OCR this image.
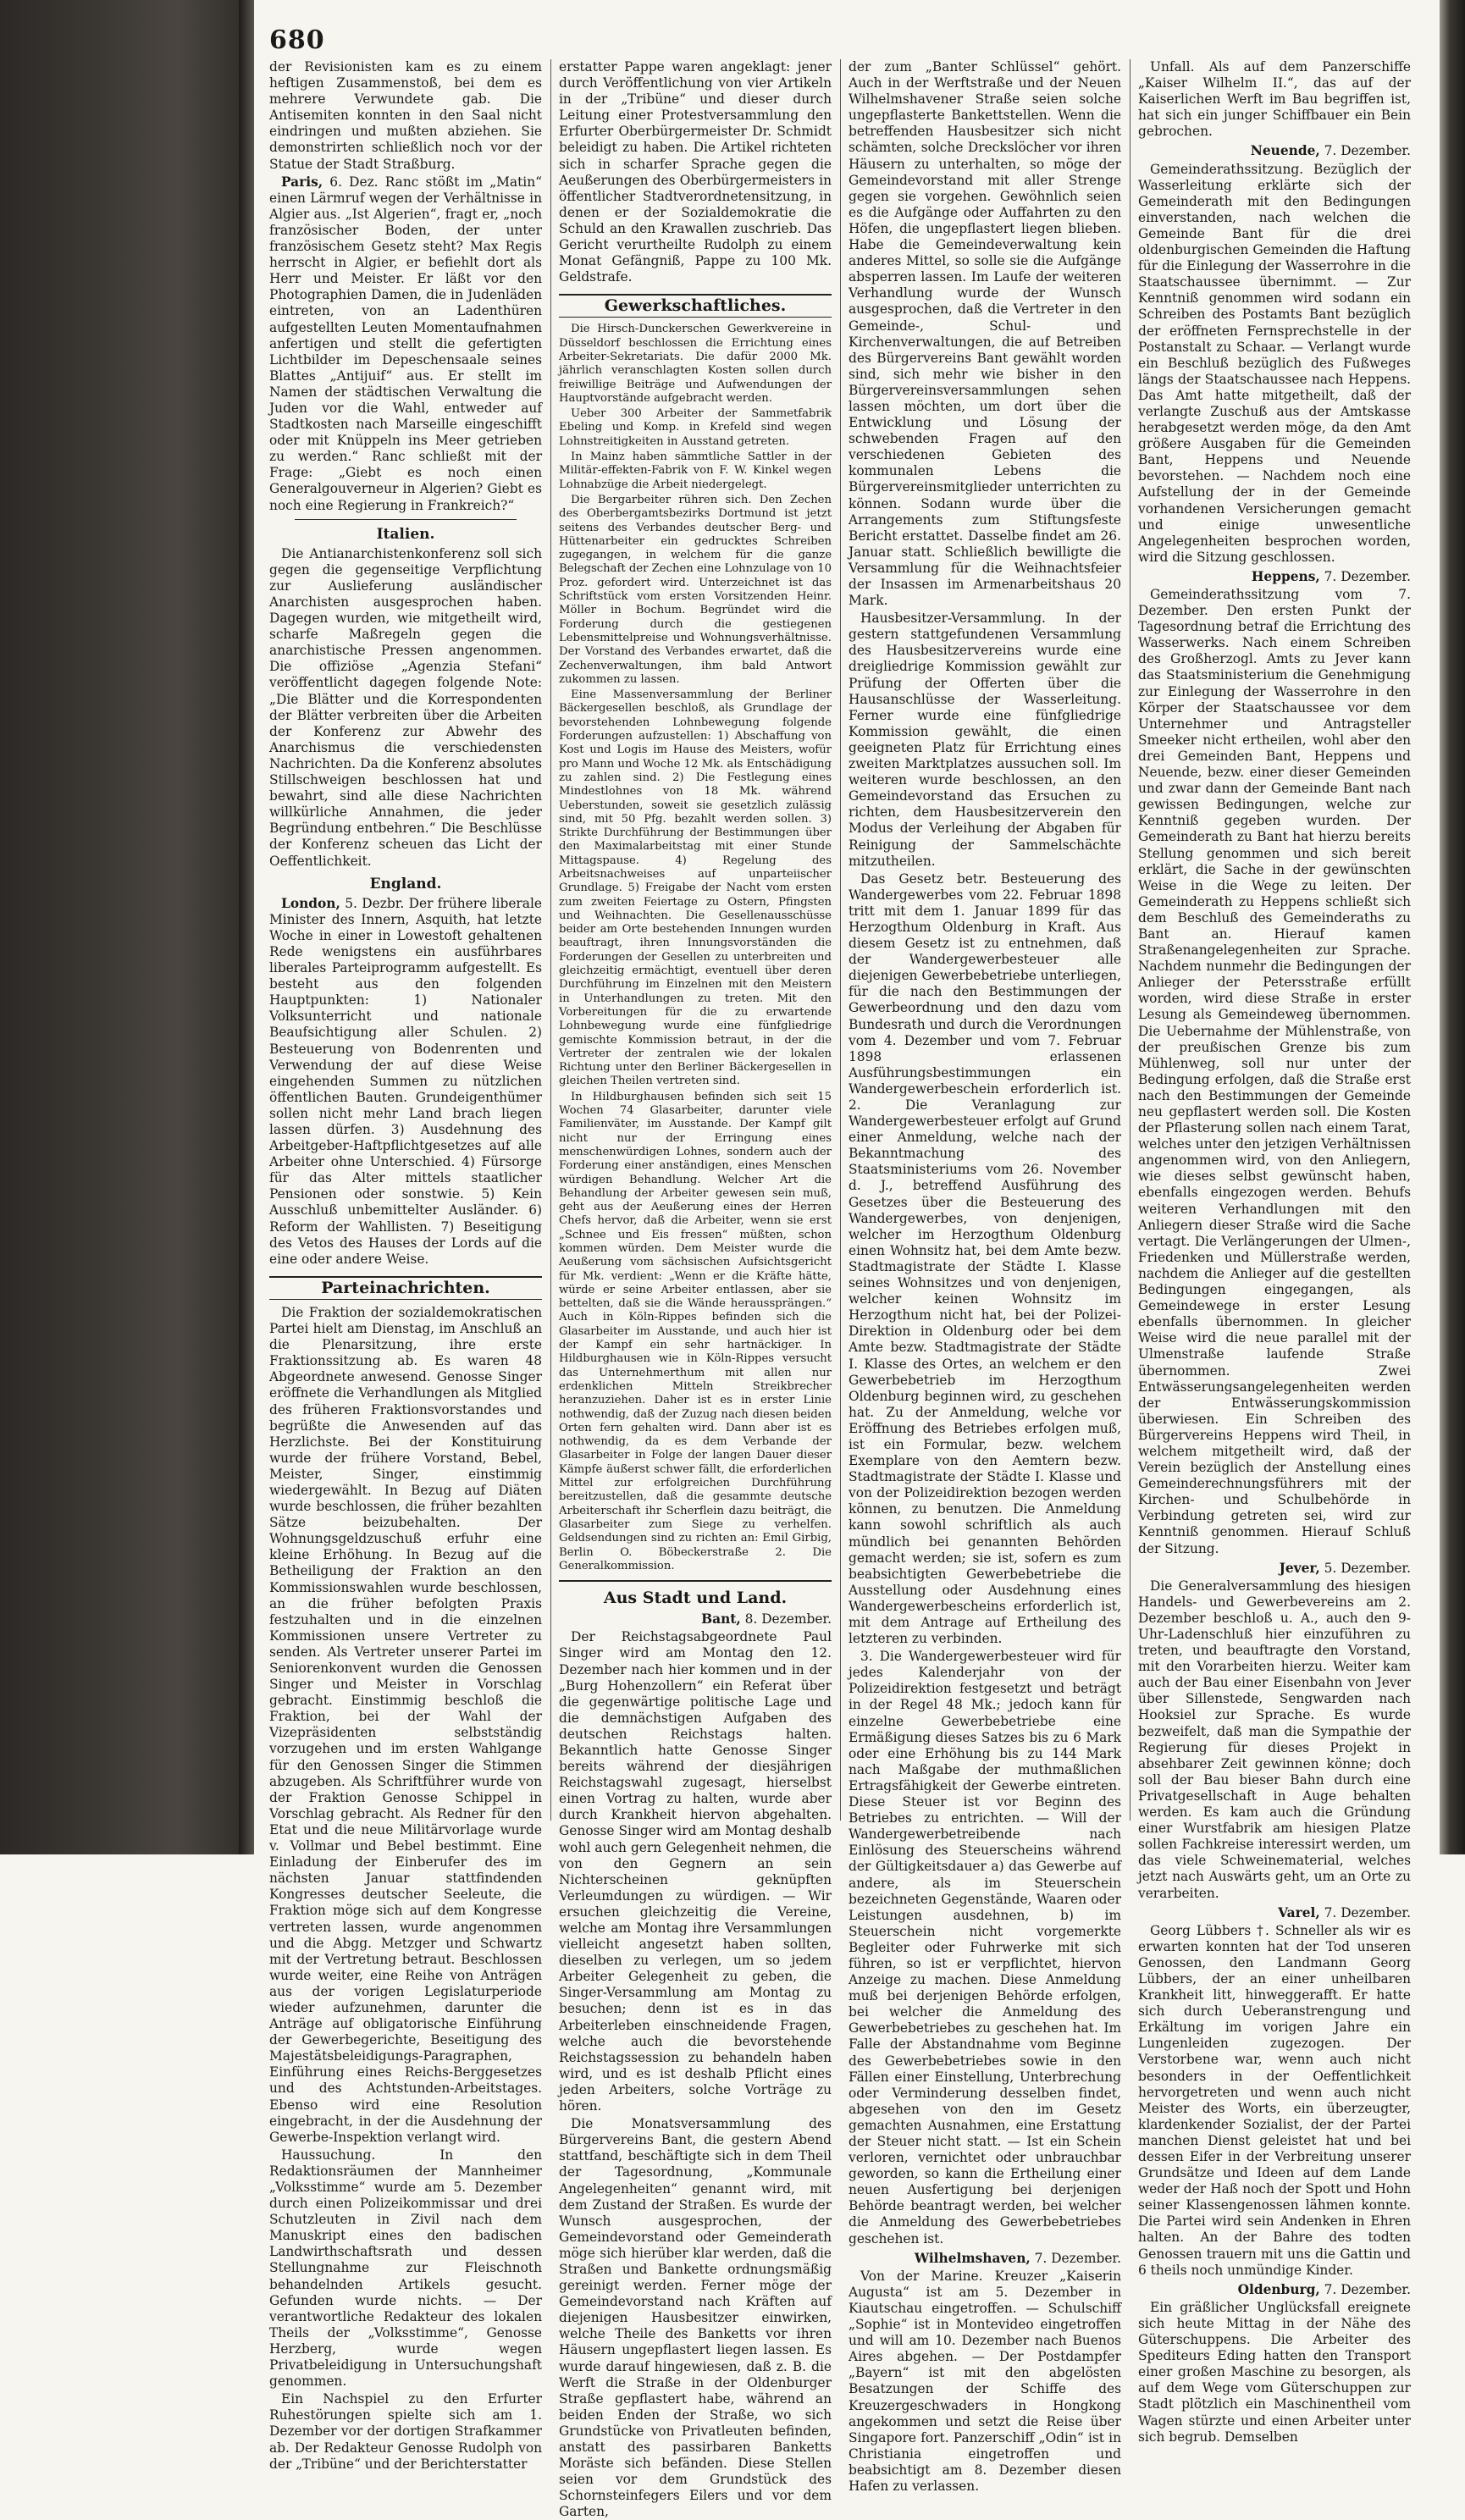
680

der Revisionisten kam es zu einem heftigen Zusammenstoß, bei dem es mehrere Verwundete gab. Die Antisemiten konnten in den Saal nicht eindringen und mußten abziehen. Sie demonstrirten schließlich noch vor der Statue der Stadt Straßburg.

Paris, 6. Dez. Ranc stößt im „Matin“ einen Lärmruf wegen der Verhältnisse in Algier aus. „Ist Algerien“, fragt er, „noch französischer Boden, der unter französischem Gesetz steht? Max Regis herrscht in Algier, er befiehlt dort als Herr und Meister. Er läßt vor den Photographien Damen, die in Judenläden eintreten, von an Ladenthüren aufgestellten Leuten Momentaufnahmen anfertigen und stellt die gefertigten Lichtbilder im Depeschensaale seines Blattes „Antijuif“ aus. Er stellt im Namen der städtischen Verwaltung die Juden vor die Wahl, entweder auf Stadtkosten nach Marseille eingeschifft oder mit Knüppeln ins Meer getrieben zu werden.“ Ranc schließt mit der Frage: „Giebt es noch einen Generalgouverneur in Algerien? Giebt es noch eine Regierung in Frankreich?“

Italien.

Die Antianarchistenkonferenz soll sich gegen die gegenseitige Verpflichtung zur Auslieferung ausländischer Anarchisten ausgesprochen haben. Dagegen wurden, wie mitgetheilt wird, scharfe Maßregeln gegen die anarchistische Pressen angenommen. Die offiziöse „Agenzia Stefani“ veröffentlicht dagegen folgende Note: „Die Blätter und die Korrespondenten der Blätter verbreiten über die Arbeiten der Konferenz zur Abwehr des Anarchismus die verschiedensten Nachrichten. Da die Konferenz absolutes Stillschweigen beschlossen hat und bewahrt, sind alle diese Nachrichten willkürliche Annahmen, die jeder Begründung entbehren.“ Die Beschlüsse der Konferenz scheuen das Licht der Oeffentlichkeit.

England.

London, 5. Dezbr. Der frühere liberale Minister des Innern, Asquith, hat letzte Woche in einer in Lowestoft gehaltenen Rede wenigstens ein ausführbares liberales Parteiprogramm aufgestellt. Es besteht aus den folgenden Hauptpunkten: 1) Nationaler Volksunterricht und nationale Beaufsichtigung aller Schulen. 2) Besteuerung von Bodenrenten und Verwendung der auf diese Weise eingehenden Summen zu nützlichen öffentlichen Bauten. Grundeigenthümer sollen nicht mehr Land brach liegen lassen dürfen. 3) Ausdehnung des Arbeitgeber-Haftpflichtgesetzes auf alle Arbeiter ohne Unterschied. 4) Fürsorge für das Alter mittels staatlicher Pensionen oder sonstwie. 5) Kein Ausschluß unbemittelter Ausländer. 6) Reform der Wahllisten. 7) Beseitigung des Vetos des Hauses der Lords auf die eine oder andere Weise.

Parteinachrichten.

Die Fraktion der sozialdemokratischen Partei hielt am Dienstag, im Anschluß an die Plenarsitzung, ihre erste Fraktionssitzung ab. Es waren 48 Abgeordnete anwesend. Genosse Singer eröffnete die Verhandlungen als Mitglied des früheren Fraktionsvorstandes und begrüßte die Anwesenden auf das Herzlichste. Bei der Konstituirung wurde der frühere Vorstand, Bebel, Meister, Singer, einstimmig wiedergewählt. In Bezug auf Diäten wurde beschlossen, die früher bezahlten Sätze beizubehalten. Der Wohnungsgeldzuschuß erfuhr eine kleine Erhöhung. In Bezug auf die Betheiligung der Fraktion an den Kommissionswahlen wurde beschlossen, an die früher befolgten Praxis festzuhalten und in die einzelnen Kommissionen unsere Vertreter zu senden. Als Vertreter unserer Partei im Seniorenkonvent wurden die Genossen Singer und Meister in Vorschlag gebracht. Einstimmig beschloß die Fraktion, bei der Wahl der Vizepräsidenten selbstständig vorzugehen und im ersten Wahlgange für den Genossen Singer die Stimmen abzugeben. Als Schriftführer wurde von der Fraktion Genosse Schippel in Vorschlag gebracht. Als Redner für den Etat und die neue Militärvorlage wurde v. Vollmar und Bebel bestimmt. Eine Einladung der Einberufer des im nächsten Januar stattfindenden Kongresses deutscher Seeleute, die Fraktion möge sich auf dem Kongresse vertreten lassen, wurde angenommen und die Abgg. Metzger und Schwartz mit der Vertretung betraut. Beschlossen wurde weiter, eine Reihe von Anträgen aus der vorigen Legislaturperiode wieder aufzunehmen, darunter die Anträge auf obligatorische Einführung der Gewerbegerichte, Beseitigung des Majestätsbeleidigungs-Paragraphen, Einführung eines Reichs-Berggesetzes und des Achtstunden-Arbeitstages. Ebenso wird eine Resolution eingebracht, in der die Ausdehnung der Gewerbe-Inspektion verlangt wird.

Haussuchung. In den Redaktionsräumen der Mannheimer „Volksstimme“ wurde am 5. Dezember durch einen Polizeikommissar und drei Schutzleuten in Zivil nach dem Manuskript eines den badischen Landwirthschaftsrath und dessen Stellungnahme zur Fleischnoth behandelnden Artikels gesucht. Gefunden wurde nichts. — Der verantwortliche Redakteur des lokalen Theils der „Volksstimme“, Genosse Herzberg, wurde wegen Privatbeleidigung in Untersuchungshaft genommen.

Ein Nachspiel zu den Erfurter Ruhestörungen spielte sich am 1. Dezember vor der dortigen Strafkammer ab. Der Redakteur Genosse Rudolph von der „Tribüne“ und der Berichterstatter

erstatter Pappe waren angeklagt: jener durch Veröffentlichung von vier Artikeln in der „Tribüne“ und dieser durch Leitung einer Protestversammlung den Erfurter Oberbürgermeister Dr. Schmidt beleidigt zu haben. Die Artikel richteten sich in scharfer Sprache gegen die Aeußerungen des Oberbürgermeisters in öffentlicher Stadtverordnetensitzung, in denen er der Sozialdemokratie die Schuld an den Krawallen zuschrieb. Das Gericht verurtheilte Rudolph zu einem Monat Gefängniß, Pappe zu 100 Mk. Geldstrafe.

Gewerkschaftliches.

Die Hirsch-Dunckerschen Gewerkvereine in Düsseldorf beschlossen die Errichtung eines Arbeiter-Sekretariats. Die dafür 2000 Mk. jährlich veranschlagten Kosten sollen durch freiwillige Beiträge und Aufwendungen der Hauptvorstände aufgebracht werden.

Ueber 300 Arbeiter der Sammetfabrik Ebeling und Komp. in Krefeld sind wegen Lohnstreitigkeiten in Ausstand getreten.

In Mainz haben sämmtliche Sattler in der Militär-effekten-Fabrik von F. W. Kinkel wegen Lohnabzüge die Arbeit niedergelegt.

Die Bergarbeiter rühren sich. Den Zechen des Oberbergamtsbezirks Dortmund ist jetzt seitens des Verbandes deutscher Berg- und Hüttenarbeiter ein gedrucktes Schreiben zugegangen, in welchem für die ganze Belegschaft der Zechen eine Lohnzulage von 10 Proz. gefordert wird. Unterzeichnet ist das Schriftstück vom ersten Vorsitzenden Heinr. Möller in Bochum. Begründet wird die Forderung durch die gestiegenen Lebensmittelpreise und Wohnungsverhältnisse. Der Vorstand des Verbandes erwartet, daß die Zechenverwaltungen, ihm bald Antwort zukommen zu lassen.

Eine Massenversammlung der Berliner Bäckergesellen beschloß, als Grundlage der bevorstehenden Lohnbewegung folgende Forderungen aufzustellen: 1) Abschaffung von Kost und Logis im Hause des Meisters, wofür pro Mann und Woche 12 Mk. als Entschädigung zu zahlen sind. 2) Die Festlegung eines Mindestlohnes von 18 Mk. während Ueberstunden, soweit sie gesetzlich zulässig sind, mit 50 Pfg. bezahlt werden sollen. 3) Strikte Durchführung der Bestimmungen über den Maximalarbeitstag mit einer Stunde Mittagspause. 4) Regelung des Arbeitsnachweises auf unparteiischer Grundlage. 5) Freigabe der Nacht vom ersten zum zweiten Feiertage zu Ostern, Pfingsten und Weihnachten. Die Gesellenausschüsse beider am Orte bestehenden Innungen wurden beauftragt, ihren Innungsvorständen die Forderungen der Gesellen zu unterbreiten und gleichzeitig ermächtigt, eventuell über deren Durchführung im Einzelnen mit den Meistern in Unterhandlungen zu treten. Mit den Vorbereitungen für die zu erwartende Lohnbewegung wurde eine fünfgliedrige gemischte Kommission betraut, in der die Vertreter der zentralen wie der lokalen Richtung unter den Berliner Bäckergesellen in gleichen Theilen vertreten sind.

In Hildburghausen befinden sich seit 15 Wochen 74 Glasarbeiter, darunter viele Familienväter, im Ausstande. Der Kampf gilt nicht nur der Erringung eines menschenwürdigen Lohnes, sondern auch der Forderung einer anständigen, eines Menschen würdigen Behandlung. Welcher Art die Behandlung der Arbeiter gewesen sein muß, geht aus der Aeußerung eines der Herren Chefs hervor, daß die Arbeiter, wenn sie erst „Schnee und Eis fressen“ müßten, schon kommen würden. Dem Meister wurde die Aeußerung vom sächsischen Aufsichtsgericht für Mk. verdient: „Wenn er die Kräfte hätte, würde er seine Arbeiter entlassen, aber sie bettelten, daß sie die Wände heraussprängen.“ Auch in Köln-Rippes befinden sich die Glasarbeiter im Ausstande, und auch hier ist der Kampf ein sehr hartnäckiger. In Hildburghausen wie in Köln-Rippes versucht das Unternehmerthum mit allen nur erdenklichen Mitteln Streikbrecher heranzuziehen. Daher ist es in erster Linie nothwendig, daß der Zuzug nach diesen beiden Orten fern gehalten wird. Dann aber ist es nothwendig, da es dem Verbande der Glasarbeiter in Folge der langen Dauer dieser Kämpfe äußerst schwer fällt, die erforderlichen Mittel zur erfolgreichen Durchführung bereitzustellen, daß die gesammte deutsche Arbeiterschaft ihr Scherflein dazu beiträgt, die Glasarbeiter zum Siege zu verhelfen. Geldsendungen sind zu richten an: Emil Girbig, Berlin O. Böbeckerstraße 2. Die Generalkommission.

Aus Stadt und Land.
Bant, 8. Dezember.

Der Reichstagsabgeordnete Paul Singer wird am Montag den 12. Dezember nach hier kommen und in der „Burg Hohenzollern“ ein Referat über die gegenwärtige politische Lage und die demnächstigen Aufgaben des deutschen Reichstags halten. Bekanntlich hatte Genosse Singer bereits während der diesjährigen Reichstagswahl zugesagt, hierselbst einen Vortrag zu halten, wurde aber durch Krankheit hiervon abgehalten. Genosse Singer wird am Montag deshalb wohl auch gern Gelegenheit nehmen, die von den Gegnern an sein Nichterscheinen geknüpften Verleumdungen zu würdigen. — Wir ersuchen gleichzeitig die Vereine, welche am Montag ihre Versammlungen vielleicht angesetzt haben sollten, dieselben zu verlegen, um so jedem Arbeiter Gelegenheit zu geben, die Singer-Versammlung am Montag zu besuchen; denn ist es in das Arbeiterleben einschneidende Fragen, welche auch die bevorstehende Reichstagssession zu behandeln haben wird, und es ist deshalb Pflicht eines jeden Arbeiters, solche Vorträge zu hören.

Die Monatsversammlung des Bürgervereins Bant, die gestern Abend stattfand, beschäftigte sich in dem Theil der Tagesordnung, „Kommunale Angelegenheiten“ genannt wird, mit dem Zustand der Straßen. Es wurde der Wunsch ausgesprochen, der Gemeindevorstand oder Gemeinderath möge sich hierüber klar werden, daß die Straßen und Bankette ordnungsmäßig gereinigt werden. Ferner möge der Gemeindevorstand nach Kräften auf diejenigen Hausbesitzer einwirken, welche Theile des Banketts vor ihren Häusern ungepflastert liegen lassen. Es wurde darauf hingewiesen, daß z. B. die Werft die Straße in der Oldenburger Straße gepflastert habe, während an beiden Enden der Straße, wo sich Grundstücke von Privatleuten befinden, anstatt des passirbaren Banketts Moräste sich befänden. Diese Stellen seien vor dem Grundstück des Schornsteinfegers Eilers und vor dem Garten,

der zum „Banter Schlüssel“ gehört. Auch in der Werftstraße und der Neuen Wilhelmshavener Straße seien solche ungepflasterte Bankettstellen. Wenn die betreffenden Hausbesitzer sich nicht schämten, solche Dreckslöcher vor ihren Häusern zu unterhalten, so möge der Gemeindevorstand mit aller Strenge gegen sie vorgehen. Gewöhnlich seien es die Aufgänge oder Auffahrten zu den Höfen, die ungepflastert liegen blieben. Habe die Gemeindeverwaltung kein anderes Mittel, so solle sie die Aufgänge absperren lassen. Im Laufe der weiteren Verhandlung wurde der Wunsch ausgesprochen, daß die Vertreter in den Gemeinde-, Schul- und Kirchenverwaltungen, die auf Betreiben des Bürgervereins Bant gewählt worden sind, sich mehr wie bisher in den Bürgervereinsversammlungen sehen lassen möchten, um dort über die Entwicklung und Lösung der schwebenden Fragen auf den verschiedenen Gebieten des kommunalen Lebens die Bürgervereinsmitglieder unterrichten zu können. Sodann wurde über die Arrangements zum Stiftungsfeste Bericht erstattet. Dasselbe findet am 26. Januar statt. Schließlich bewilligte die Versammlung für die Weihnachtsfeier der Insassen im Armenarbeitshaus 20 Mark.

Hausbesitzer-Versammlung. In der gestern stattgefundenen Versammlung des Hausbesitzervereins wurde eine dreigliedrige Kommission gewählt zur Prüfung der Offerten über die Hausanschlüsse der Wasserleitung. Ferner wurde eine fünfgliedrige Kommission gewählt, die einen geeigneten Platz für Errichtung eines zweiten Marktplatzes aussuchen soll. Im weiteren wurde beschlossen, an den Gemeindevorstand das Ersuchen zu richten, dem Hausbesitzerverein den Modus der Verleihung der Abgaben für Reinigung der Sammelschächte mitzutheilen.

Das Gesetz betr. Besteuerung des Wandergewerbes vom 22. Februar 1898 tritt mit dem 1. Januar 1899 für das Herzogthum Oldenburg in Kraft. Aus diesem Gesetz ist zu entnehmen, daß der Wandergewerbesteuer alle diejenigen Gewerbebetriebe unterliegen, für die nach den Bestimmungen der Gewerbeordnung und den dazu vom Bundesrath und durch die Verordnungen vom 4. Dezember und vom 7. Februar 1898 erlassenen Ausführungsbestimmungen ein Wandergewerbeschein erforderlich ist. 2. Die Veranlagung zur Wandergewerbesteuer erfolgt auf Grund einer Anmeldung, welche nach der Bekanntmachung des Staatsministeriums vom 26. November d. J., betreffend Ausführung des Gesetzes über die Besteuerung des Wandergewerbes, von denjenigen, welcher im Herzogthum Oldenburg einen Wohnsitz hat, bei dem Amte bezw. Stadtmagistrate der Städte I. Klasse seines Wohnsitzes und von denjenigen, welcher keinen Wohnsitz im Herzogthum nicht hat, bei der Polizei-Direktion in Oldenburg oder bei dem Amte bezw. Stadtmagistrate der Städte I. Klasse des Ortes, an welchem er den Gewerbebetrieb im Herzogthum Oldenburg beginnen wird, zu geschehen hat. Zu der Anmeldung, welche vor Eröffnung des Betriebes erfolgen muß, ist ein Formular, bezw. welchem Exemplare von den Aemtern bezw. Stadtmagistrate der Städte I. Klasse und von der Polizeidirektion bezogen werden können, zu benutzen. Die Anmeldung kann sowohl schriftlich als auch mündlich bei genannten Behörden gemacht werden; sie ist, sofern es zum beabsichtigten Gewerbebetriebe die Ausstellung oder Ausdehnung eines Wandergewerbescheins erforderlich ist, mit dem Antrage auf Ertheilung des letzteren zu verbinden.

3. Die Wandergewerbesteuer wird für jedes Kalenderjahr von der Polizeidirektion festgesetzt und beträgt in der Regel 48 Mk.; jedoch kann für einzelne Gewerbebetriebe eine Ermäßigung dieses Satzes bis zu 6 Mark oder eine Erhöhung bis zu 144 Mark nach Maßgabe der muthmaßlichen Ertragsfähigkeit der Gewerbe eintreten. Diese Steuer ist vor Beginn des Betriebes zu entrichten. — Will der Wandergewerbetreibende nach Einlösung des Steuerscheins während der Gültigkeitsdauer a) das Gewerbe auf andere, als im Steuerschein bezeichneten Gegenstände, Waaren oder Leistungen ausdehnen, b) im Steuerschein nicht vorgemerkte Begleiter oder Fuhrwerke mit sich führen, so ist er verpflichtet, hiervon Anzeige zu machen. Diese Anmeldung muß bei derjenigen Behörde erfolgen, bei welcher die Anmeldung des Gewerbebetriebes zu geschehen hat. Im Falle der Abstandnahme vom Beginne des Gewerbebetriebes sowie in den Fällen einer Einstellung, Unterbrechung oder Verminderung desselben findet, abgesehen von den im Gesetz gemachten Ausnahmen, eine Erstattung der Steuer nicht statt. — Ist ein Schein verloren, vernichtet oder unbrauchbar geworden, so kann die Ertheilung einer neuen Ausfertigung bei derjenigen Behörde beantragt werden, bei welcher die Anmeldung des Gewerbebetriebes geschehen ist.

Wilhelmshaven, 7. Dezember.

Von der Marine. Kreuzer „Kaiserin Augusta“ ist am 5. Dezember in Kiautschau eingetroffen. — Schulschiff „Sophie“ ist in Montevideo eingetroffen und will am 10. Dezember nach Buenos Aires abgehen. — Der Postdampfer „Bayern“ ist mit den abgelösten Besatzungen der Schiffe des Kreuzergeschwaders in Hongkong angekommen und setzt die Reise über Singapore fort. Panzerschiff „Odin“ ist in Christiania eingetroffen und beabsichtigt am 8. Dezember diesen Hafen zu verlassen.

Unfall. Als auf dem Panzerschiffe „Kaiser Wilhelm II.“, das auf der Kaiserlichen Werft im Bau begriffen ist, hat sich ein junger Schiffbauer ein Bein gebrochen.

Neuende, 7. Dezember.

Gemeinderathssitzung. Bezüglich der Wasserleitung erklärte sich der Gemeinderath mit den Bedingungen einverstanden, nach welchen die Gemeinde Bant für die drei oldenburgischen Gemeinden die Haftung für die Einlegung der Wasserrohre in die Staatschaussee übernimmt. — Zur Kenntniß genommen wird sodann ein Schreiben des Postamts Bant bezüglich der eröffneten Fernsprechstelle in der Postanstalt zu Schaar. — Verlangt wurde ein Beschluß bezüglich des Fußweges längs der Staatschaussee nach Heppens. Das Amt hatte mitgetheilt, daß der verlangte Zuschuß aus der Amtskasse herabgesetzt werden möge, da den Amt größere Ausgaben für die Gemeinden Bant, Heppens und Neuende bevorstehen. — Nachdem noch eine Aufstellung der in der Gemeinde vorhandenen Versicherungen gemacht und einige unwesentliche Angelegenheiten besprochen worden, wird die Sitzung geschlossen.

Heppens, 7. Dezember.

Gemeinderathssitzung vom 7. Dezember. Den ersten Punkt der Tagesordnung betraf die Errichtung des Wasserwerks. Nach einem Schreiben des Großherzogl. Amts zu Jever kann das Staatsministerium die Genehmigung zur Einlegung der Wasserrohre in den Körper der Staatschaussee vor dem Unternehmer und Antragsteller Smeeker nicht ertheilen, wohl aber den drei Gemeinden Bant, Heppens und Neuende, bezw. einer dieser Gemeinden und zwar dann der Gemeinde Bant nach gewissen Bedingungen, welche zur Kenntniß gegeben wurden. Der Gemeinderath zu Bant hat hierzu bereits Stellung genommen und sich bereit erklärt, die Sache in der gewünschten Weise in die Wege zu leiten. Der Gemeinderath zu Heppens schließt sich dem Beschluß des Gemeinderaths zu Bant an. Hierauf kamen Straßenangelegenheiten zur Sprache. Nachdem nunmehr die Bedingungen der Anlieger der Petersstraße erfüllt worden, wird diese Straße in erster Lesung als Gemeindeweg übernommen. Die Uebernahme der Mühlenstraße, von der preußischen Grenze bis zum Mühlenweg, soll nur unter der Bedingung erfolgen, daß die Straße erst nach den Bestimmungen der Gemeinde neu gepflastert werden soll. Die Kosten der Pflasterung sollen nach einem Tarat, welches unter den jetzigen Verhältnissen angenommen wird, von den Anliegern, wie dieses selbst gewünscht haben, ebenfalls eingezogen werden. Behufs weiteren Verhandlungen mit den Anliegern dieser Straße wird die Sache vertagt. Die Verlängerungen der Ulmen-, Friedenken und Müllerstraße werden, nachdem die Anlieger auf die gestellten Bedingungen eingegangen, als Gemeindewege in erster Lesung ebenfalls übernommen. In gleicher Weise wird die neue parallel mit der Ulmenstraße laufende Straße übernommen. Zwei Entwässerungsangelegenheiten werden der Entwässerungskommission überwiesen. Ein Schreiben des Bürgervereins Heppens wird Theil, in welchem mitgetheilt wird, daß der Verein bezüglich der Anstellung eines Gemeinderechnungsführers mit der Kirchen- und Schulbehörde in Verbindung getreten sei, wird zur Kenntniß genommen. Hierauf Schluß der Sitzung.

Jever, 5. Dezember.

Die Generalversammlung des hiesigen Handels- und Gewerbevereins am 2. Dezember beschloß u. A., auch den 9-Uhr-Ladenschluß hier einzuführen zu treten, und beauftragte den Vorstand, mit den Vorarbeiten hierzu. Weiter kam auch der Bau einer Eisenbahn von Jever über Sillenstede, Sengwarden nach Hooksiel zur Sprache. Es wurde bezweifelt, daß man die Sympathie der Regierung für dieses Projekt in absehbarer Zeit gewinnen könne; doch soll der Bau bieser Bahn durch eine Privatgesellschaft in Auge behalten werden. Es kam auch die Gründung einer Wurstfabrik am hiesigen Platze sollen Fachkreise interessirt werden, um das viele Schweinematerial, welches jetzt nach Auswärts geht, um an Orte zu verarbeiten.

Varel, 7. Dezember.

Georg Lübbers †. Schneller als wir es erwarten konnten hat der Tod unseren Genossen, den Landmann Georg Lübbers, der an einer unheilbaren Krankheit litt, hinweggerafft. Er hatte sich durch Ueberanstrengung und Erkältung im vorigen Jahre ein Lungenleiden zugezogen. Der Verstorbene war, wenn auch nicht besonders in der Oeffentlichkeit hervorgetreten und wenn auch nicht Meister des Worts, ein überzeugter, klardenkender Sozialist, der der Partei manchen Dienst geleistet hat und bei dessen Eifer in der Verbreitung unserer Grundsätze und Ideen auf dem Lande weder der Haß noch der Spott und Hohn seiner Klassengenossen lähmen konnte. Die Partei wird sein Andenken in Ehren halten. An der Bahre des todten Genossen trauern mit uns die Gattin und 6 theils noch unmündige Kinder.

Oldenburg, 7. Dezember.

Ein gräßlicher Unglücksfall ereignete sich heute Mittag in der Nähe des Güterschuppens. Die Arbeiter des Spediteurs Eding hatten den Transport einer großen Maschine zu besorgen, als auf dem Wege vom Güterschuppen zur Stadt plötzlich ein Maschinentheil vom Wagen stürzte und einen Arbeiter unter sich begrub. Demselben
